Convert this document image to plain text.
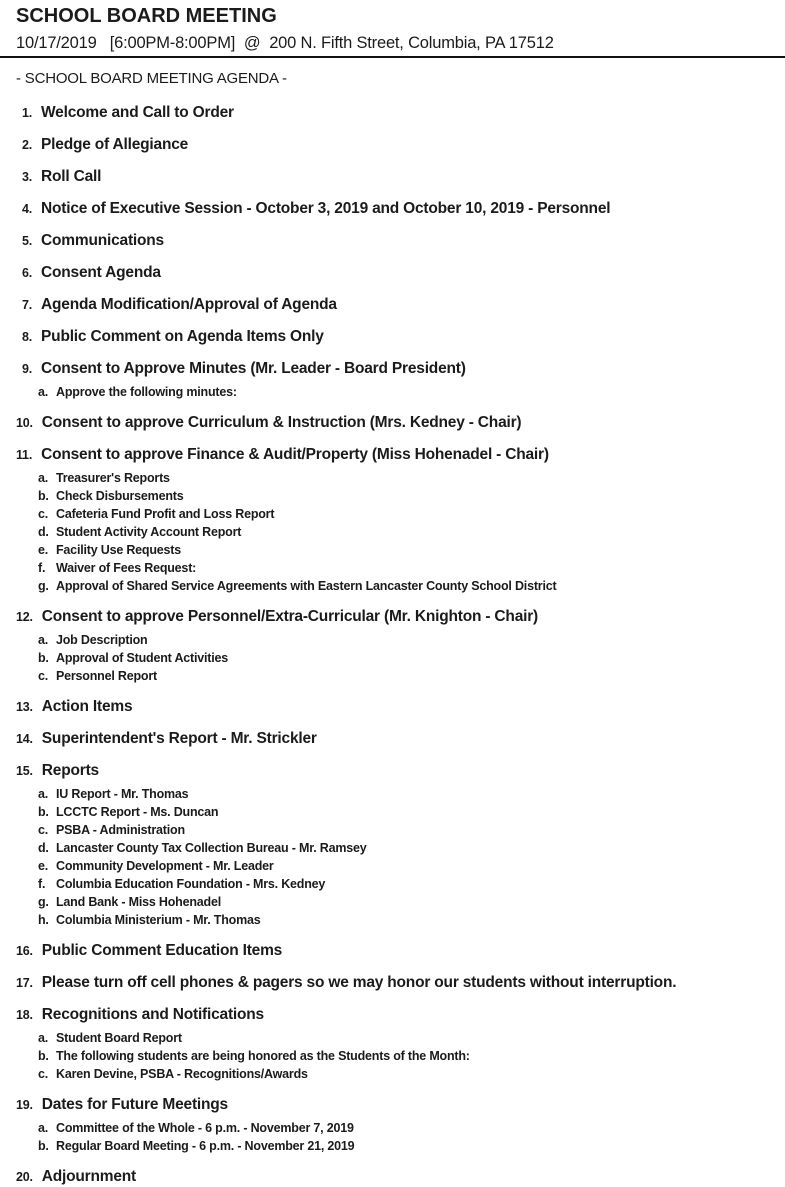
SCHOOL BOARD MEETING
10/17/2019   [6:00PM-8:00PM]  @  200 N. Fifth Street, Columbia, PA 17512
- SCHOOL BOARD MEETING AGENDA -
1. Welcome and Call to Order
2. Pledge of Allegiance
3. Roll Call
4. Notice of Executive Session - October 3, 2019 and October 10, 2019 - Personnel
5. Communications
6. Consent Agenda
7. Agenda Modification/Approval of Agenda
8. Public Comment on Agenda Items Only
9. Consent to Approve Minutes (Mr. Leader - Board President)
a. Approve the following minutes:
10. Consent to approve Curriculum & Instruction (Mrs. Kedney - Chair)
11. Consent to approve Finance & Audit/Property (Miss Hohenadel - Chair)
a. Treasurer's Reports
b. Check Disbursements
c. Cafeteria Fund Profit and Loss Report
d. Student Activity Account Report
e. Facility Use Requests
f. Waiver of Fees Request:
g. Approval of Shared Service Agreements with Eastern Lancaster County School District
12. Consent to approve Personnel/Extra-Curricular (Mr. Knighton - Chair)
a. Job Description
b. Approval of Student Activities
c. Personnel Report
13. Action Items
14. Superintendent's Report - Mr. Strickler
15. Reports
a. IU Report - Mr. Thomas
b. LCCTC Report - Ms. Duncan
c. PSBA - Administration
d. Lancaster County Tax Collection Bureau - Mr. Ramsey
e. Community Development - Mr. Leader
f. Columbia Education Foundation - Mrs. Kedney
g. Land Bank - Miss Hohenadel
h. Columbia Ministerium - Mr. Thomas
16. Public Comment Education Items
17. Please turn off cell phones & pagers so we may honor our students without interruption.
18. Recognitions and Notifications
a. Student Board Report
b. The following students are being honored as the Students of the Month:
c. Karen Devine, PSBA - Recognitions/Awards
19. Dates for Future Meetings
a. Committee of the Whole - 6 p.m. - November 7, 2019
b. Regular Board Meeting - 6 p.m. - November 21, 2019
20. Adjournment
